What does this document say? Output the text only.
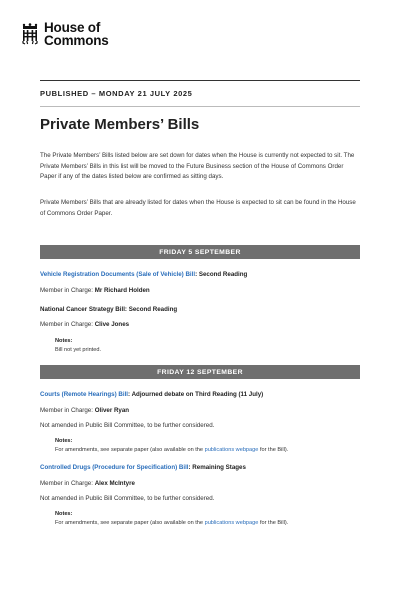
House of
Commons
PUBLISHED – MONDAY 21 JULY 2025
Private Members’ Bills

The Private Members’ Bills listed below are set down for dates when the House is currently not expected to sit. The Private Members’ Bills in this list will be moved to the Future Business section of the House of Commons Order Paper if any of the dates listed below are confirmed as sitting days.

Private Members’ Bills that are already listed for dates when the House is expected to sit can be found in the House of Commons Order Paper.

FRIDAY 5 SEPTEMBER
Vehicle Registration Documents (Sale of Vehicle) Bill: Second Reading
Member in Charge: Mr Richard Holden
National Cancer Strategy Bill: Second Reading
Member in Charge: Clive Jones
Notes:
Bill not yet printed.
FRIDAY 12 SEPTEMBER
Courts (Remote Hearings) Bill: Adjourned debate on Third Reading (11 July)
Member in Charge: Oliver Ryan
Not amended in Public Bill Committee, to be further considered.
Notes:
For amendments, see separate paper (also available on the publications webpage for the Bill).
Controlled Drugs (Procedure for Specification) Bill: Remaining Stages
Member in Charge: Alex McIntyre
Not amended in Public Bill Committee, to be further considered.
Notes:
For amendments, see separate paper (also available on the publications webpage for the Bill).
